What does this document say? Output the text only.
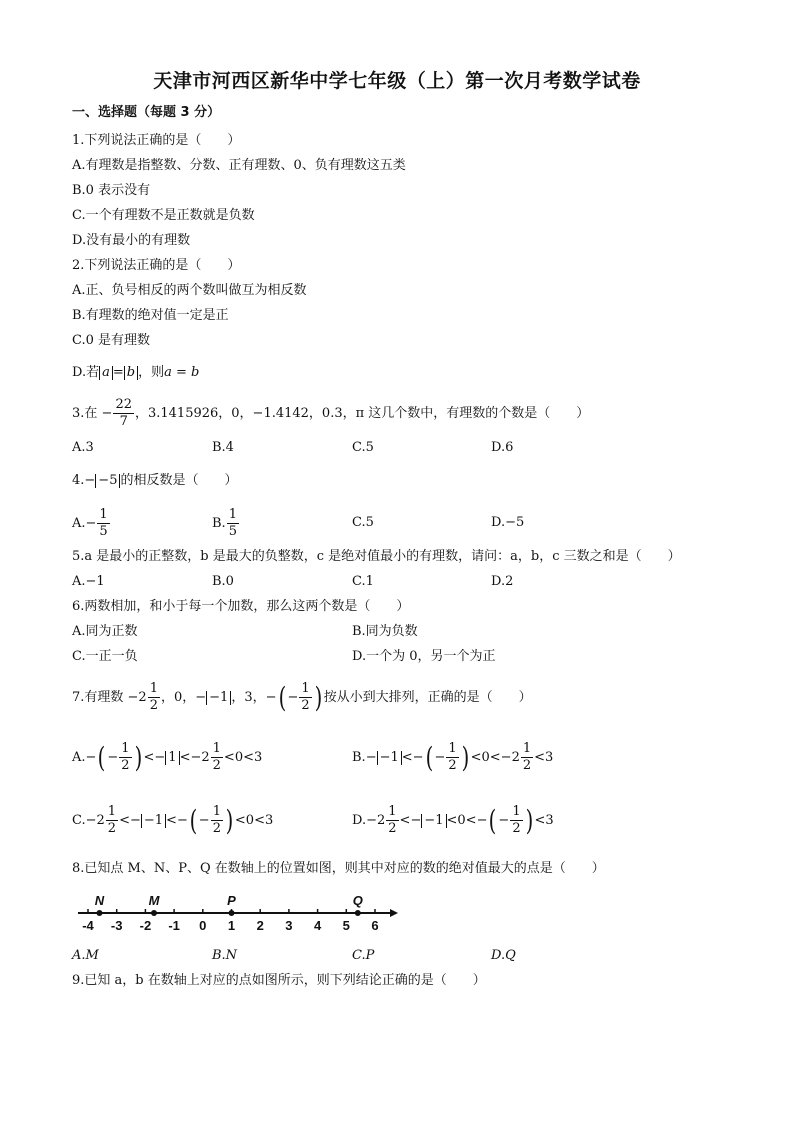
天津市河西区新华中学七年级（上）第一次月考数学试卷
一、选择题（每题 3 分）
1.下列说法正确的是（　　）
A.有理数是指整数、分数、正有理数、0、负有理数这五类
B.0 表示没有
C.一个有理数不是正数就是负数
D.没有最小的有理数
2.下列说法正确的是（　　）
A.正、负号相反的两个数叫做互为相反数
B.有理数的绝对值一定是正
C.0 是有理数
D.若 a = b ，则a = b
3.在 − $\frac{22}{7}$ ，3.1415926，0，−1.4142，0.3，π 这几个数中，有理数的个数是（　　）
A.3	B.4	C.5	D.6
4.− −5 的相反数是（　　）
$A.- \frac{1}{5}$	B. $\frac{1}{5}$	C.5	D.−5
5.a 是最小的正整数，b 是最大的负整数，c 是绝对值最小的有理数，请问：a，b，c 三数之和是（　　）
A.−1	B.0	C.1	D.2
6.两数相加，和小于每一个加数，那么这两个数是（　　）
A.同为正数	B.同为负数
C.一正一负	D.一个为 0，另一个为正
7.有理数 $-2 \frac{1}{2}$ ，0，− −1 ，3，−( − $\frac{1}{2}$ ) 按从小到大排列，正确的是（　　）
$A.-( - \frac{1}{2}$ ) <− $1 <-2 \frac{1}{2} <0<3$	B.− −1 <−( − $\frac{1}{2}$ ) $<0<-2 \frac{1}{2} <3$
$C.-2 \frac{1}{2} <- -1$ <−( − $\frac{1}{2}$ ) <0<3	$D.-2 \frac{1}{2} <- -1 <0<-( - \frac{1}{2}$ ) <3
8.已知点 M、N、P、Q 在数轴上的位置如图，则其中对应的数的绝对值最大的点是（　　）
-4 -3 -2 -1 0 1 2 3 4 5 6
N	M	P	Q
A.M	B.N	C.P	D.Q
9.已知 a，b 在数轴上对应的点如图所示，则下列结论正确的是（　　）
